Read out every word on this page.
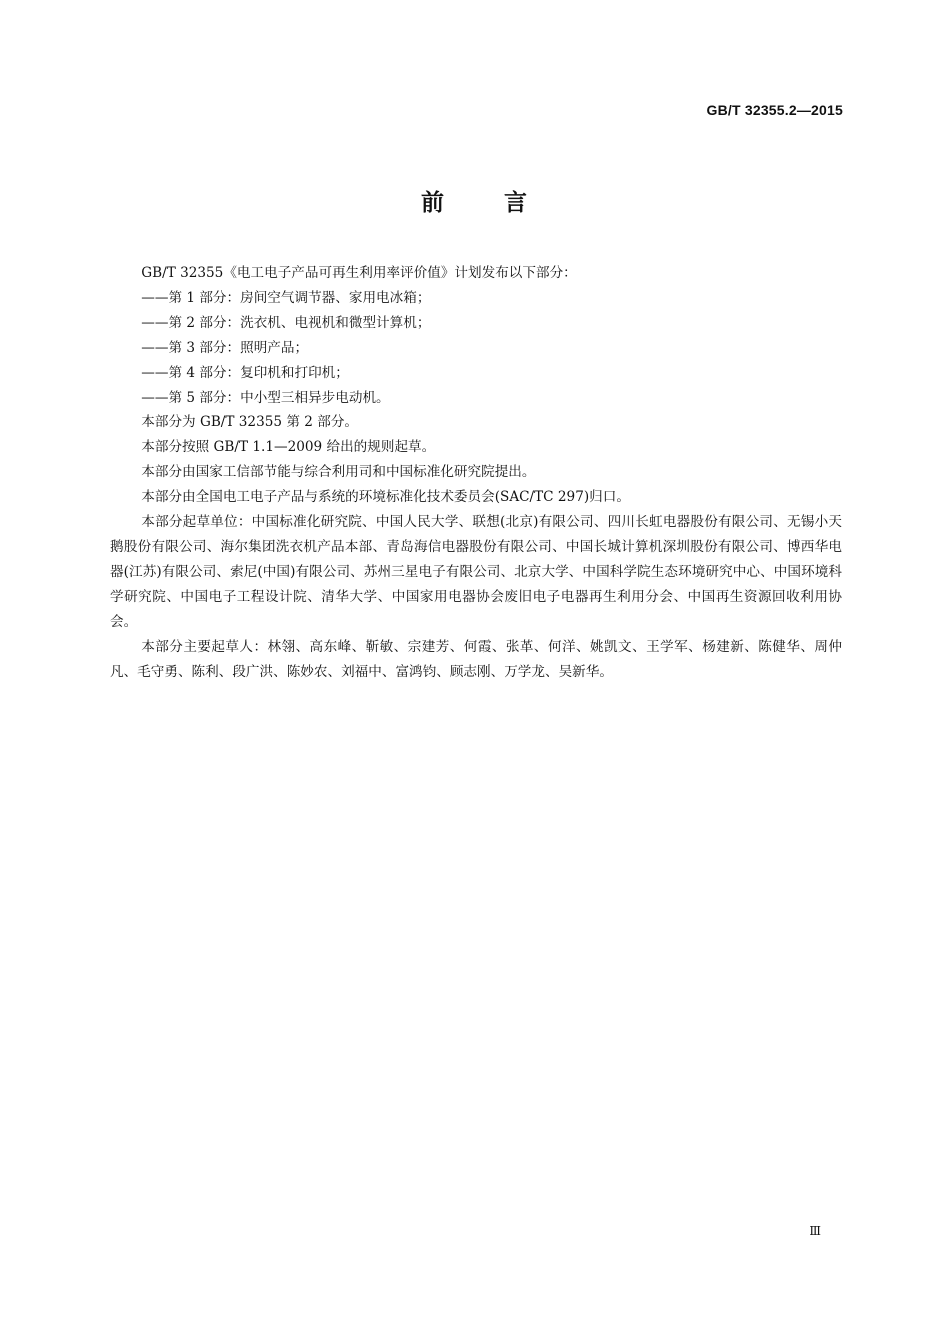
GB/T 32355.2—2015
前	言

GB/T 32355《电工电子产品可再生利用率评价值》计划发布以下部分：

——第 1 部分：房间空气调节器、家用电冰箱；

——第 2 部分：洗衣机、电视机和微型计算机；

——第 3 部分：照明产品；

——第 4 部分：复印机和打印机；

——第 5 部分：中小型三相异步电动机。

本部分为 GB/T 32355 第 2 部分。

本部分按照 GB/T 1.1—2009 给出的规则起草。

本部分由国家工信部节能与综合利用司和中国标准化研究院提出。

本部分由全国电工电子产品与系统的环境标准化技术委员会(SAC/TC 297)归口。

本部分起草单位：中国标准化研究院、中国人民大学、联想(北京)有限公司、四川长虹电器股份有限公司、无锡小天鹅股份有限公司、海尔集团洗衣机产品本部、青岛海信电器股份有限公司、中国长城计算机深圳股份有限公司、博西华电器(江苏)有限公司、索尼(中国)有限公司、苏州三星电子有限公司、北京大学、中国科学院生态环境研究中心、中国环境科学研究院、中国电子工程设计院、清华大学、中国家用电器协会废旧电子电器再生利用分会、中国再生资源回收利用协会。

本部分主要起草人：林翎、高东峰、靳敏、宗建芳、何霞、张革、何洋、姚凯文、王学军、杨建新、陈健华、周仲凡、毛守勇、陈利、段广洪、陈妙农、刘福中、富鸿钧、顾志刚、万学龙、吴新华。

Ⅲ
